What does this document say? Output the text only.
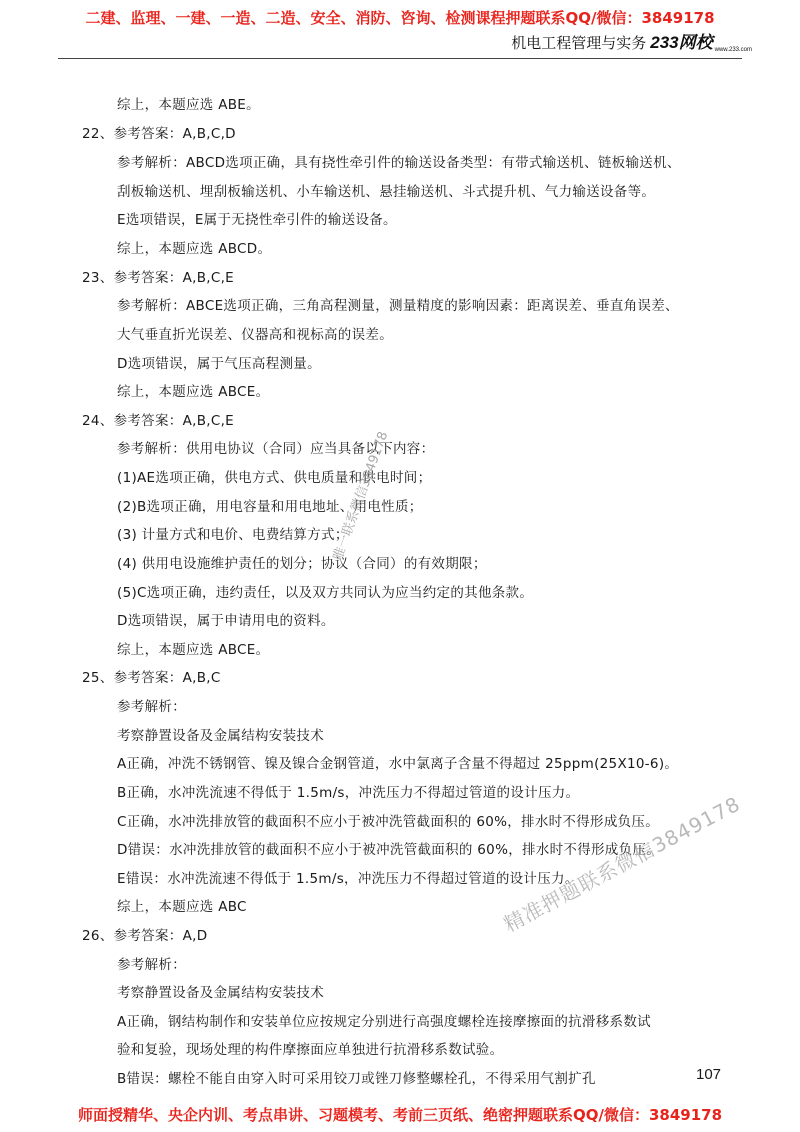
二建、监理、一建、一造、二造、安全、消防、咨询、检测课程押题联系QQ/微信：3849178
机电工程管理与实务 233网校 www.233.com
综上，本题应选 ABE。
22、参考答案：A,B,C,D
参考解析：ABCD选项正确，具有挠性牵引件的输送设备类型：有带式输送机、链板输送机、
刮板输送机、埋刮板输送机、小车输送机、悬挂输送机、斗式提升机、气力输送设备等。
E选项错误，E属于无挠性牵引件的输送设备。
综上，本题应选 ABCD。
23、参考答案：A,B,C,E
参考解析：ABCE选项正确，三角高程测量，测量精度的影响因素：距离误差、垂直角误差、
大气垂直折光误差、仪器高和视标高的误差。
D选项错误，属于气压高程测量。
综上，本题应选 ABCE。
24、参考答案：A,B,C,E
参考解析：供用电协议（合同）应当具备以下内容：
(1)AE选项正确，供电方式、供电质量和供电时间；
(2)B选项正确，用电容量和用电地址、用电性质；
(3) 计量方式和电价、电费结算方式；
(4) 供用电设施维护责任的划分；协议（合同）的有效期限；
(5)C选项正确，违约责任，以及双方共同认为应当约定的其他条款。
D选项错误，属于申请用电的资料。
综上，本题应选 ABCE。
25、参考答案：A,B,C
参考解析：
考察静置设备及金属结构安装技术
A正确，冲洗不锈钢管、镍及镍合金钢管道，水中氯离子含量不得超过 25ppm(25X10-6)。
B正确，水冲洗流速不得低于 1.5m/s，冲洗压力不得超过管道的设计压力。
C正确，水冲洗排放管的截面积不应小于被冲洗管截面积的 60%，排水时不得形成负压。
D错误：水冲洗排放管的截面积不应小于被冲洗管截面积的 60%，排水时不得形成负压。
E错误：水冲洗流速不得低于 1.5m/s，冲洗压力不得超过管道的设计压力。
综上，本题应选 ABC
26、参考答案：A,D
参考解析：
考察静置设备及金属结构安装技术
A正确，钢结构制作和安装单位应按规定分别进行高强度螺栓连接摩擦面的抗滑移系数试
验和复验，现场处理的构件摩擦面应单独进行抗滑移系数试验。
B错误：螺栓不能自由穿入时可采用铰刀或锉刀修整螺栓孔，不得采用气割扩孔
唯一联系微信3849178
精准押题联系微信3849178
107
师面授精华、央企内训、考点串讲、习题模考、考前三页纸、绝密押题联系QQ/微信：3849178
